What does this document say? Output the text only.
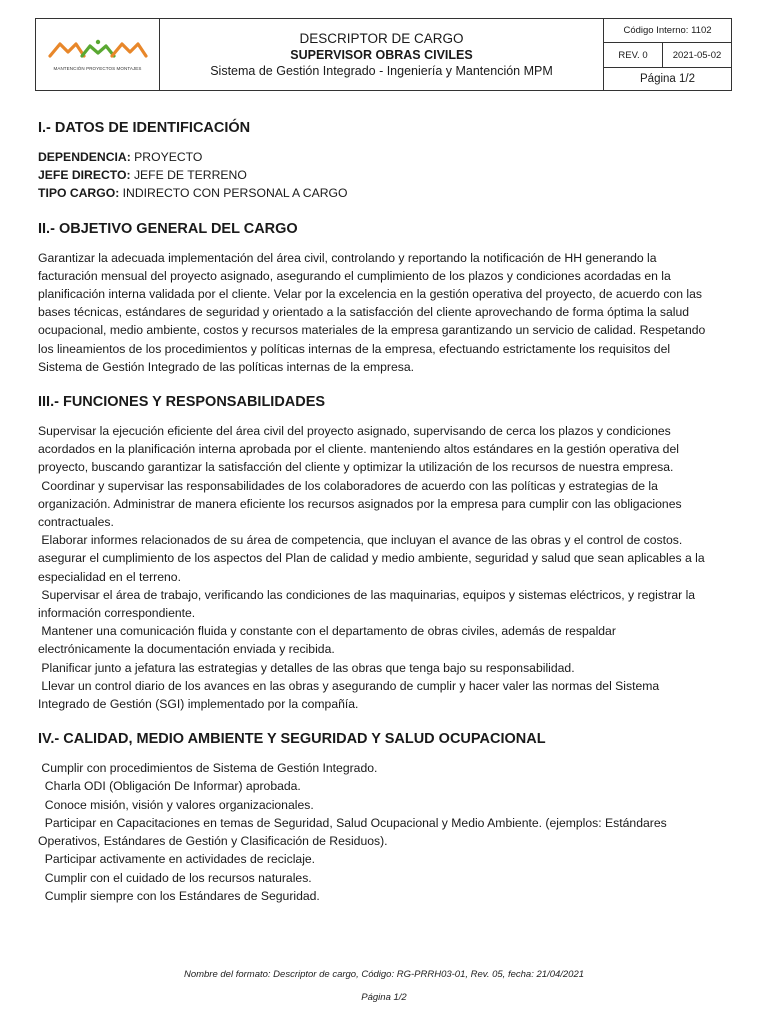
MANTENCIÓN PROYECTOS MONTAJES

DESCRIPTOR DE CARGO
SUPERVISOR OBRAS CIVILES
Sistema de Gestión Integrado - Ingeniería y Mantención MPM

Código Interno: 1102
REV. 0	2021-05-02
Página 1/2
I.- DATOS DE IDENTIFICACIÓN

DEPENDENCIA: PROYECTO

JEFE DIRECTO: JEFE DE TERRENO

TIPO CARGO: INDIRECTO CON PERSONAL A CARGO

II.- OBJETIVO GENERAL DEL CARGO

Garantizar la adecuada implementación del área civil, controlando y reportando la notificación de HH generando la

facturación mensual del proyecto asignado, asegurando el cumplimiento de los plazos y condiciones acordadas en la

planificación interna validada por el cliente. Velar por la excelencia en la gestión operativa del proyecto, de acuerdo con las

bases técnicas, estándares de seguridad y orientado a la satisfacción del cliente aprovechando de forma óptima la salud

ocupacional, medio ambiente, costos y recursos materiales de la empresa garantizando un servicio de calidad. Respetando

los lineamientos de los procedimientos y políticas internas de la empresa, efectuando estrictamente los requisitos del

Sistema de Gestión Integrado de las políticas internas de la empresa.

III.- FUNCIONES Y RESPONSABILIDADES

Supervisar la ejecución eficiente del área civil del proyecto asignado, supervisando de cerca los plazos y condiciones

acordados en la planificación interna aprobada por el cliente. manteniendo altos estándares en la gestión operativa del

proyecto, buscando garantizar la satisfacción del cliente y optimizar la utilización de los recursos de nuestra empresa.

Coordinar y supervisar las responsabilidades de los colaboradores de acuerdo con las políticas y estrategias de la

organización. Administrar de manera eficiente los recursos asignados por la empresa para cumplir con las obligaciones

contractuales.

Elaborar informes relacionados de su área de competencia, que incluyan el avance de las obras y el control de costos.

asegurar el cumplimiento de los aspectos del Plan de calidad y medio ambiente, seguridad y salud que sean aplicables a la

especialidad en el terreno.

Supervisar el área de trabajo, verificando las condiciones de las maquinarias, equipos y sistemas eléctricos, y registrar la

información correspondiente.

Mantener una comunicación fluida y constante con el departamento de obras civiles, además de respaldar

electrónicamente la documentación enviada y recibida.

Planificar junto a jefatura las estrategias y detalles de las obras que tenga bajo su responsabilidad.

Llevar un control diario de los avances en las obras y asegurando de cumplir y hacer valer las normas del Sistema

Integrado de Gestión (SGI) implementado por la compañía.

IV.- CALIDAD, MEDIO AMBIENTE Y SEGURIDAD Y SALUD OCUPACIONAL

Cumplir con procedimientos de Sistema de Gestión Integrado.

Charla ODI (Obligación De Informar) aprobada.

Conoce misión, visión y valores organizacionales.

Participar en Capacitaciones en temas de Seguridad, Salud Ocupacional y Medio Ambiente. (ejemplos: Estándares

Operativos, Estándares de Gestión y Clasificación de Residuos).

Participar activamente en actividades de reciclaje.

Cumplir con el cuidado de los recursos naturales.

Cumplir siempre con los Estándares de Seguridad.

Nombre del formato: Descriptor de cargo, Código: RG-PRRH03-01, Rev. 05, fecha: 21/04/2021
Página 1/2
